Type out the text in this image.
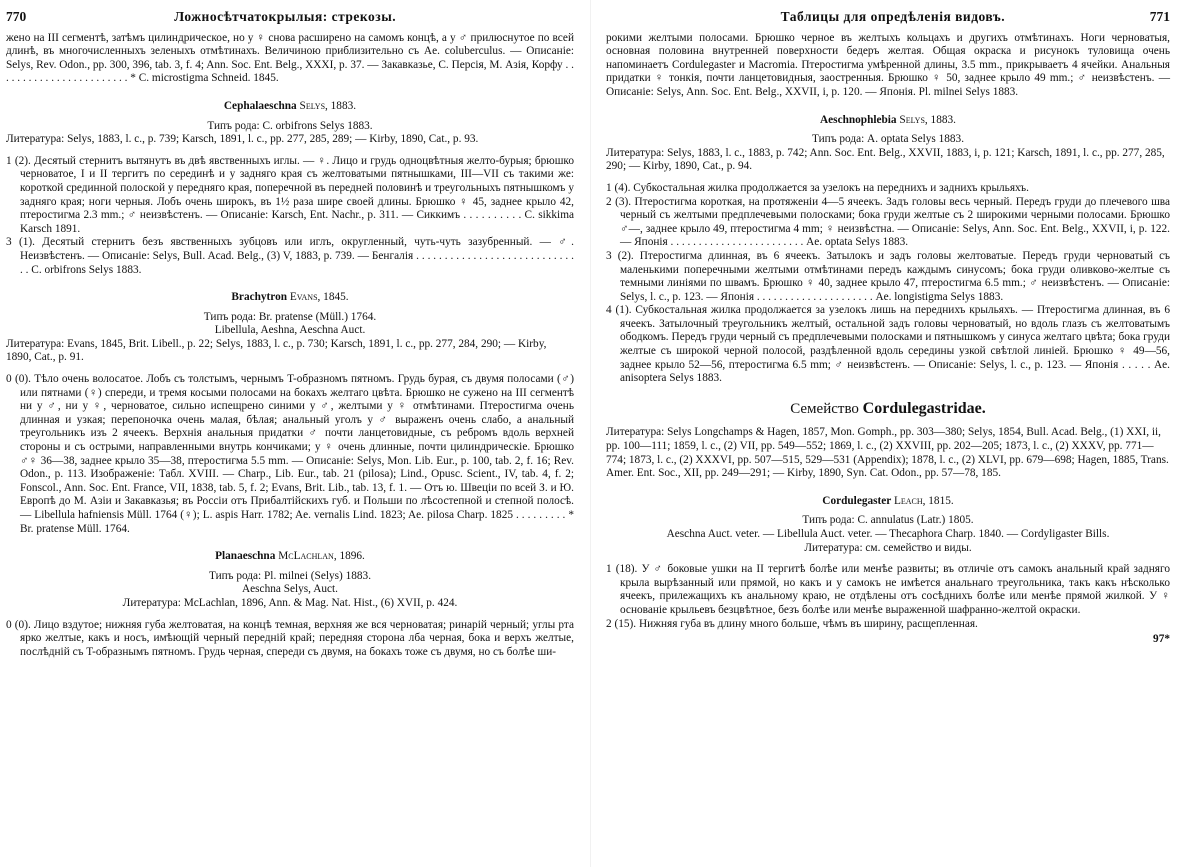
770	Ложносѣтчатокрылыя: стрекозы.

жено на III сегментѣ, затѣмъ цилиндрическое, но у ♀ снова расширено на самомъ концѣ, а у ♂ прилюснутое по всей длинѣ, въ многочисленныхъ зеленыхъ отмѣтинахъ. Величиною приблизительно съ Ae. coluberculus. — Описаніе: Selys, Rev. Odon., pp. 300, 396, tab. 3, f. 4; Ann. Soc. Ent. Belg., XXXI, p. 37. — Закавказье, С. Персія, М. Азія, Корфу . . . . . . . . . . . . . . . . . . . . . . . . * C. microstigma Schneid. 1845.

Cephalaeschna Selys, 1883.

Типъ рода: C. orbifrons Selys 1883.

Литература: Selys, 1883, l. c., p. 739; Karsch, 1891, l. c., pp. 277, 285, 289; — Kirby, 1890, Cat., p. 93.

1 (2). Десятый стернитъ вытянутъ въ двѣ явственныхъ иглы. — ♀. Лицо и грудь одноцвѣтныя желто-бурыя; брюшко черноватое, I и II тергитъ по серединѣ и у задняго края съ желтоватыми пятнышками, III—VII съ такими же: короткой срединной полоской у передняго края, поперечной въ передней половинѣ и треугольныхъ пятнышкомъ у задняго края; ноги черныя. Лобъ очень широкъ, въ 1½ раза шире своей длины. Брюшко ♀ 45, заднее крыло 42, птеростигма 2.3 mm.; ♂ неизвѣстенъ. — Описаніе: Karsch, Ent. Nachr., p. 311. — Сиккимъ . . . . . . . . . . C. sikkima Karsch 1891.

3 (1). Десятый стернитъ безъ явственныхъ зубцовъ или иглъ, округленный, чуть-чуть зазубренный. — ♂. Неизвѣстенъ. — Описаніе: Selys, Bull. Acad. Belg., (3) V, 1883, p. 739. — Бенгалія . . . . . . . . . . . . . . . . . . . . . . . . . . . . . . C. orbifrons Selys 1883.

Brachytron Evans, 1845.

Типъ рода: Br. pratense (Müll.) 1764.

Libellula, Aeshna, Aeschna Auct.

Литература: Evans, 1845, Brit. Libell., p. 22; Selys, 1883, l. c., p. 730; Karsch, 1891, l. c., pp. 277, 284, 290; — Kirby, 1890, Cat., p. 91.

0 (0). Тѣло очень волосатое. Лобъ съ толстымъ, чернымъ T-образномъ пятномъ. Грудь бурая, съ двумя полосами (♂) или пятнами (♀) спереди, и тремя косыми полосами на бокахъ желтаго цвѣта. Брюшко не сужено на III сегментѣ ни у ♂, ни у ♀, черноватое, сильно испещрено синими у ♂, желтыми у ♀ отмѣтинами. Птеростигма очень длинная и узкая; перепоночка очень малая, бѣлая; анальный уголъ у ♂ выраженъ очень слабо, а анальный треугольникъ изъ 2 ячеекъ. Верхнія анальныя придатки ♂ почти ланцетовидные, съ ребромъ вдоль верхней стороны и съ острыми, направленными внутрь кончиками; у ♀ очень длинные, почти цилиндрическіе. Брюшко ♂♀ 36—38, заднее крыло 35—38, птеростигма 5.5 mm. — Описаніе: Selys, Mon. Lib. Eur., p. 100, tab. 2, f. 16; Rev. Odon., p. 113. Изображеніе: Табл. XVIII. — Charp., Lib. Eur., tab. 21 (pilosa); Lind., Opusc. Scient., IV, tab. 4, f. 2; Fonscol., Ann. Soc. Ent. France, VII, 1838, tab. 5, f. 2; Evans, Brit. Lib., tab. 13, f. 1. — Отъ ю. Швеціи по всей З. и Ю. Европѣ до М. Азіи и Закавказья; въ Россіи отъ Прибалтійскихъ губ. и Польши по лѣсостепной и степной полосѣ. — Libellula hafniensis Müll. 1764 (♀); L. aspis Harr. 1782; Ae. vernalis Lind. 1823; Ae. pilosa Charp. 1825 . . . . . . . . . * Br. pratense Müll. 1764.

Planaeschna McLachlan, 1896.

Типъ рода: Pl. milnei (Selys) 1883.

Aeschna Selys, Auct.

Литература: McLachlan, 1896, Ann. & Mag. Nat. Hist., (6) XVII, p. 424.

0 (0). Лицо вздутое; нижняя губа желтоватая, на концѣ темная, верхняя же вся черноватая; ринарій черный; углы рта ярко желтые, какъ и носъ, имѣющій черный передній край; передняя сторона лба черная, бока и верхъ желтые, послѣдній съ T-образнымъ пятномъ. Грудь черная, спереди съ двумя, на бокахъ тоже съ двумя, но съ болѣе ши-

Таблицы для опредѣленія видовъ.	771

рокими желтыми полосами. Брюшко черное въ желтыхъ кольцахъ и другихъ отмѣтинахъ. Ноги черноватыя, основная половина внутренней поверхности бедеръ желтая. Общая окраска и рисунокъ туловища очень напоминаетъ Cordulegaster и Macromia. Птеростигма умѣренной длины, 3.5 mm., прикрываетъ 4 ячейки. Анальныя придатки ♀ тонкія, почти ланцетовидныя, заостренныя. Брюшко ♀ 50, заднее крыло 49 mm.; ♂ неизвѣстенъ. — Описаніе: Selys, Ann. Soc. Ent. Belg., XXVII, i, p. 120. — Японія. Pl. milnei Selys 1883.

Aeschnophlebia Selys, 1883.

Типъ рода: A. optata Selys 1883.

Литература: Selys, 1883, l. c., 1883, p. 742; Ann. Soc. Ent. Belg., XXVII, 1883, i, p. 121; Karsch, 1891, l. c., pp. 277, 285, 290; — Kirby, 1890, Cat., p. 94.

1 (4). Субкостальная жилка продолжается за узелокъ на переднихъ и заднихъ крыльяхъ.

2 (3). Птеростигма короткая, на протяженіи 4—5 ячеекъ. Задъ головы весь черный. Передъ груди до плечевого шва черный съ желтыми предплечевыми полосками; бока груди желтые съ 2 широкими черными полосами. Брюшко ♂—, заднее крыло 49, птеростигма 4 mm; ♀ неизвѣстна. — Описаніе: Selys, Ann. Soc. Ent. Belg., XXVII, i, p. 122. — Японія . . . . . . . . . . . . . . . . . . . . . . . . Ae. optata Selys 1883.

3 (2). Птеростигма длинная, въ 6 ячеекъ. Затылокъ и задъ головы желтоватые. Передъ груди черноватый съ маленькими поперечными желтыми отмѣтинами передъ каждымъ синусомъ; бока груди оливково-желтые съ темными линіями по швамъ. Брюшко ♀ 40, заднее крыло 47, птеростигма 6.5 mm.; ♂ неизвѣстенъ. — Описаніе: Selys, l. c., p. 123. — Японія . . . . . . . . . . . . . . . . . . . . . Ae. longistigma Selys 1883.

4 (1). Субкостальная жилка продолжается за узелокъ лишь на переднихъ крыльяхъ. — Птеростигма длинная, въ 6 ячеекъ. Затылочный треугольникъ желтый, остальной задъ головы черноватый, но вдоль глазъ съ желтоватымъ ободкомъ. Передъ груди черный съ предплечевыми полосками и пятнышкомъ у синуса желтаго цвѣта; бока груди желтые съ широкой черной полосой, раздѣленной вдоль середины узкой свѣтлой линіей. Брюшко ♀ 49—56, заднее крыло 52—56, птеростигма 6.5 mm; ♂ неизвѣстенъ. — Описаніе: Selys, l. c., p. 123. — Японія . . . . . Ae. anisoptera Selys 1883.

Семейство Cordulegastridae.

Литература: Selys Longchamps & Hagen, 1857, Mon. Gomph., pp. 303—380; Selys, 1854, Bull. Acad. Belg., (1) XXI, ii, pp. 100—111; 1859, l. c., (2) VII, pp. 549—552; 1869, l. c., (2) XXVIII, pp. 202—205; 1873, l. c., (2) XXXV, pp. 771—774; 1873, l. c., (2) XXXVI, pp. 507—515, 529—531 (Appendix); 1878, l. c., (2) XLVI, pp. 679—698; Hagen, 1885, Trans. Amer. Ent. Soc., XII, pp. 249—291; — Kirby, 1890, Syn. Cat. Odon., pp. 57—78, 185.

Cordulegaster Leach, 1815.

Типъ рода: C. annulatus (Latr.) 1805.

Aeschna Auct. veter. — Libellula Auct. veter. — Thecaphora Charp. 1840. — Cordyligaster Bills.

Литература: см. семейство и виды.

1 (18). У ♂ боковые ушки на II тергитѣ болѣе или менѣе развиты; въ отличіе отъ самокъ анальный край задняго крыла вырѣзанный или прямой, но какъ и у самокъ не имѣется анальнаго треугольника, такъ какъ нѣсколько ячеекъ, прилежащихъ къ анальному краю, не отдѣлены отъ сосѣднихъ болѣе или менѣе прямой жилкой. У ♀ основаніе крыльевъ безцвѣтное, безъ болѣе или менѣе выраженной шафранно-желтой окраски.

2 (15). Нижняя губа въ длину много больше, чѣмъ въ ширину, расщепленная.

97*
